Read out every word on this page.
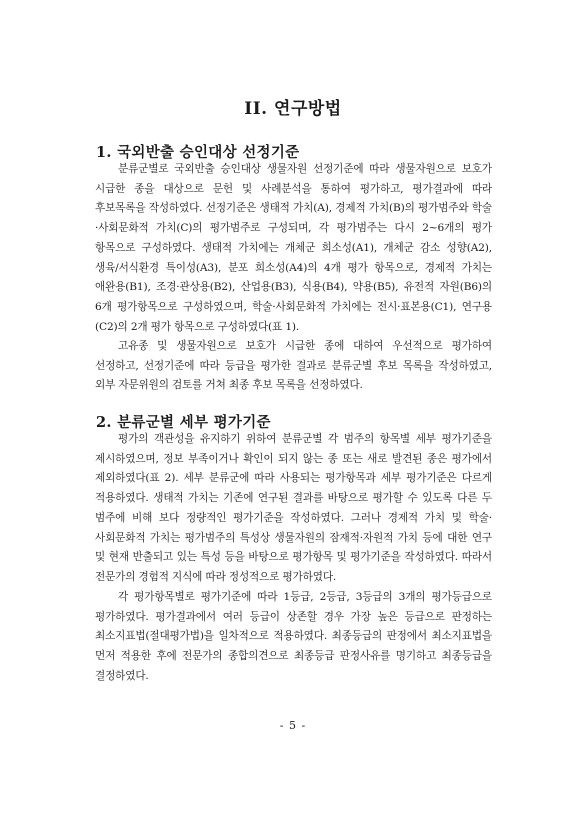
II. 연구방법
1. 국외반출 승인대상 선정기준

분류군별로 국외반출 승인대상 생물자원 선정기준에 따라 생물자원으로 보호가 시급한 종을 대상으로 문헌 및 사례분석을 통하여 평가하고, 평가결과에 따라 후보목록을 작성하였다. 선정기준은 생태적 가치(A), 경제적 가치(B)의 평가범주와 학술·사회문화적 가치(C)의 평가범주로 구성되며, 각 평가범주는 다시 2~6개의 평가 항목으로 구성하였다. 생태적 가치에는 개체군 희소성(A1), 개체군 감소 성향(A2), 생육/서식환경 특이성(A3), 분포 희소성(A4)의 4개 평가 항목으로, 경제적 가치는 애완용(B1), 조경·관상용(B2), 산업용(B3), 식용(B4), 약용(B5), 유전적 자원(B6)의 6개 평가항목으로 구성하였으며, 학술·사회문화적 가치에는 전시·표본용(C1), 연구용(C2)의 2개 평가 항목으로 구성하였다(표 1).

고유종 및 생물자원으로 보호가 시급한 종에 대하여 우선적으로 평가하여 선정하고, 선정기준에 따라 등급을 평가한 결과로 분류군별 후보 목록을 작성하였고, 외부 자문위원의 검토를 거쳐 최종 후보 목록을 선정하였다.

2. 분류군별 세부 평가기준

평가의 객관성을 유지하기 위하여 분류군별 각 범주의 항목별 세부 평가기준을 제시하였으며, 정보 부족이거나 확인이 되지 않는 종 또는 새로 발견된 종은 평가에서 제외하였다(표 2). 세부 분류군에 따라 사용되는 평가항목과 세부 평가기준은 다르게 적용하였다. 생태적 가치는 기존에 연구된 결과를 바탕으로 평가할 수 있도록 다른 두 범주에 비해 보다 정량적인 평가기준을 작성하였다. 그러나 경제적 가치 및 학술·사회문화적 가치는 평가범주의 특성상 생물자원의 잠재적·자원적 가치 등에 대한 연구 및 현재 반출되고 있는 특성 등을 바탕으로 평가항목 및 평가기준을 작성하였다. 따라서 전문가의 경험적 지식에 따라 정성적으로 평가하였다.

각 평가항목별로 평가기준에 따라 1등급, 2등급, 3등급의 3개의 평가등급으로 평가하였다. 평가결과에서 여러 등급이 상존할 경우 가장 높은 등급으로 판정하는 최소지표법(절대평가법)을 일차적으로 적용하였다. 최종등급의 판정에서 최소지표법을 먼저 적용한 후에 전문가의 종합의견으로 최종등급 판정사유를 명기하고 최종등급을 결정하였다.

- 5 -
